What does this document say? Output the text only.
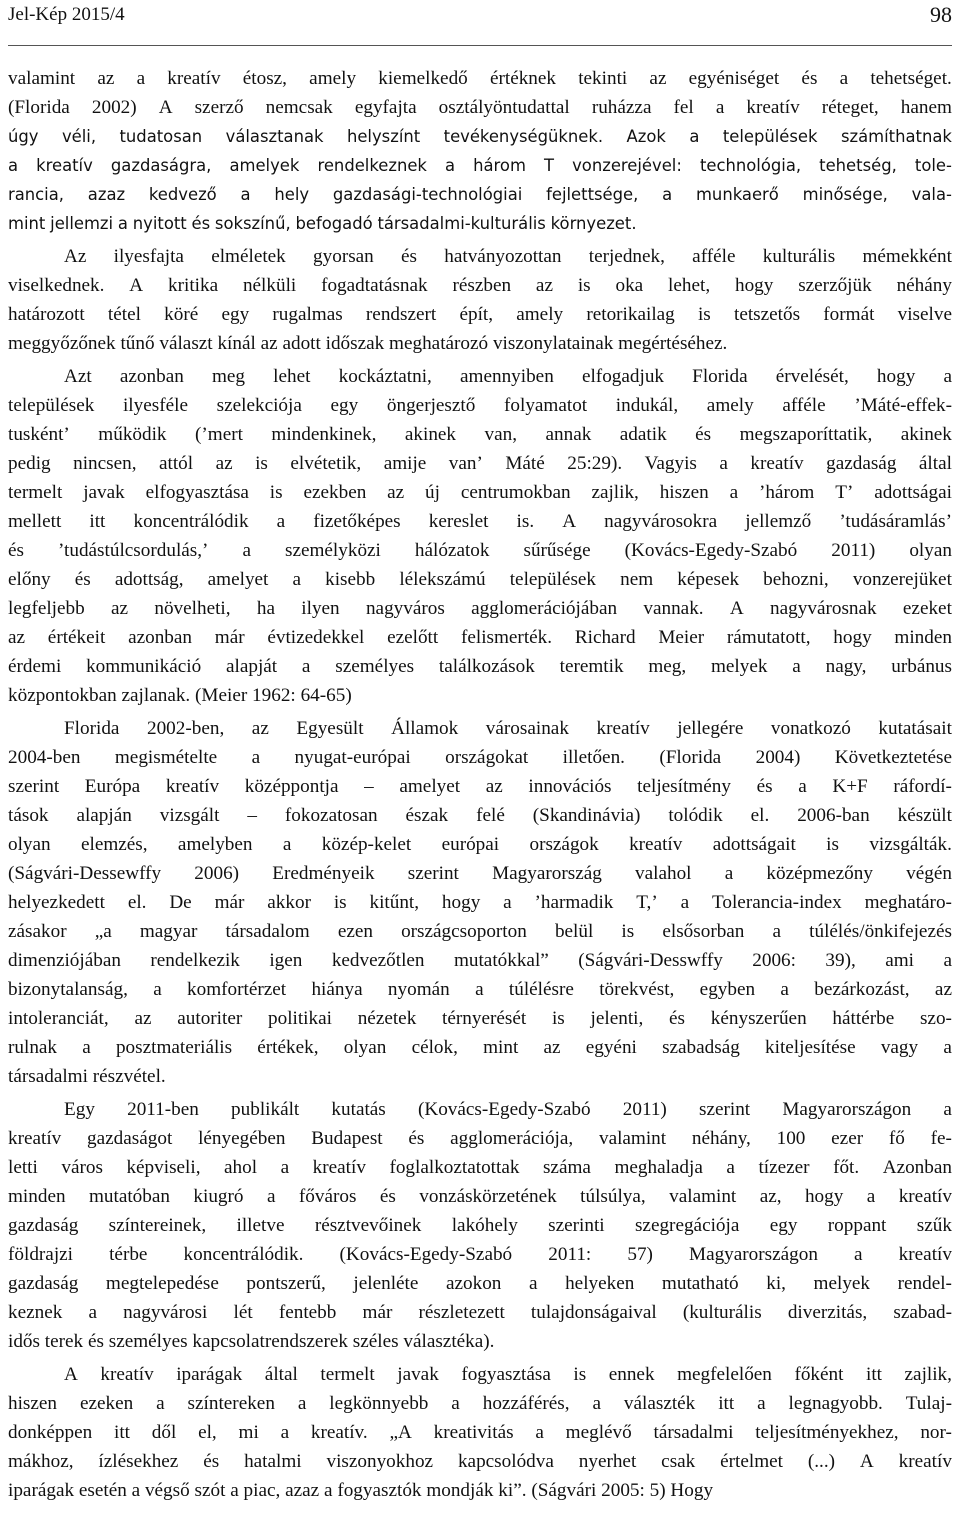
Jel-Kép 2015/4	98
valamint az a kreatív étosz, amely kiemelkedő értéknek tekinti az egyéniséget és a tehetséget.
(Florida 2002) A szerző nemcsak egyfajta osztályöntudattal ruházza fel a kreatív réteget, hanem
úgy véli, tudatosan választanak helyszínt tevékenységüknek. Azok a települések számíthatnak
a kreatív gazdaságra, amelyek rendelkeznek a három T vonzerejével: technológia, tehetség, tole-
rancia, azaz kedvező a hely gazdasági-technológiai fejlettsége, a munkaerő minősége, vala-
mint jellemzi a nyitott és sokszínű, befogadó társadalmi-kulturális környezet.
Az ilyesfajta elméletek gyorsan és hatványozottan terjednek, afféle kulturális mémekként
viselkednek. A kritika nélküli fogadtatásnak részben az is oka lehet, hogy szerzőjük néhány
határozott tétel köré egy rugalmas rendszert épít, amely retorikailag is tetszetős formát viselve
meggyőzőnek tűnő választ kínál az adott időszak meghatározó viszonylatainak megértéséhez.
Azt azonban meg lehet kockáztatni, amennyiben elfogadjuk Florida érvelését, hogy a
települések ilyesféle szelekciója egy öngerjesztő folyamatot indukál, amely afféle ’Máté-effek-
tusként’ működik (’mert mindenkinek, akinek van, annak adatik és megszaporíttatik, akinek
pedig nincsen, attól az is elvétetik, amije van’ Máté 25:29). Vagyis a kreatív gazdaság által
termelt javak elfogyasztása is ezekben az új centrumokban zajlik, hiszen a ’három T’ adottságai
mellett itt koncentrálódik a fizetőképes kereslet is. A nagyvárosokra jellemző ’tudásáramlás’
és ’tudástúlcsordulás,’ a személyközi hálózatok sűrűsége (Kovács-Egedy-Szabó 2011) olyan
előny és adottság, amelyet a kisebb lélekszámú települések nem képesek behozni, vonzerejüket
legfeljebb az növelheti, ha ilyen nagyváros agglomerációjában vannak. A nagyvárosnak ezeket
az értékeit azonban már évtizedekkel ezelőtt felismerték. Richard Meier rámutatott, hogy minden
érdemi kommunikáció alapját a személyes találkozások teremtik meg, melyek a nagy, urbánus
központokban zajlanak. (Meier 1962: 64-65)
Florida 2002-ben, az Egyesült Államok városainak kreatív jellegére vonatkozó kutatásait
2004-ben megismételte a nyugat-európai országokat illetően. (Florida 2004) Következtetése
szerint Európa kreatív középpontja – amelyet az innovációs teljesítmény és a K+F ráfordí-
tások alapján vizsgált – fokozatosan észak felé (Skandinávia) tolódik el. 2006-ban készült
olyan elemzés, amelyben a közép-kelet európai országok kreatív adottságait is vizsgálták.
(Ságvári-Dessewffy 2006) Eredményeik szerint Magyarország valahol a középmezőny végén
helyezkedett el. De már akkor is kitűnt, hogy a ’harmadik T,’ a Tolerancia-index meghatáro-
zásakor „a magyar társadalom ezen országcsoporton belül is elsősorban a túlélés/önkifejezés
dimenziójában rendelkezik igen kedvezőtlen mutatókkal” (Ságvári-Desswffy 2006: 39), ami a
bizonytalanság, a komfortérzet hiánya nyomán a túlélésre törekvést, egyben a bezárkozást, az
intoleranciát, az autoriter politikai nézetek térnyerését is jelenti, és kényszerűen háttérbe szo-
rulnak a posztmateriális értékek, olyan célok, mint az egyéni szabadság kiteljesítése vagy a
társadalmi részvétel.
Egy 2011-ben publikált kutatás (Kovács-Egedy-Szabó 2011) szerint Magyarországon a
kreatív gazdaságot lényegében Budapest és agglomerációja, valamint néhány, 100 ezer fő fe-
letti város képviseli, ahol a kreatív foglalkoztatottak száma meghaladja a tízezer főt. Azonban
minden mutatóban kiugró a főváros és vonzáskörzetének túlsúlya, valamint az, hogy a kreatív
gazdaság színtereinek, illetve résztvevőinek lakóhely szerinti szegregációja egy roppant szűk
földrajzi térbe koncentrálódik. (Kovács-Egedy-Szabó 2011: 57) Magyarországon a kreatív
gazdaság megtelepedése pontszerű, jelenléte azokon a helyeken mutatható ki, melyek rendel-
keznek a nagyvárosi lét fentebb már részletezett tulajdonságaival (kulturális diverzitás, szabad-
idős terek és személyes kapcsolatrendszerek széles választéka).
A kreatív iparágak által termelt javak fogyasztása is ennek megfelelően főként itt zajlik,
hiszen ezeken a színtereken a legkönnyebb a hozzáférés, a választék itt a legnagyobb. Tulaj-
donképpen itt dől el, mi a kreatív. „A kreativitás a meglévő társadalmi teljesítményekhez, nor-
mákhoz, ízlésekhez és hatalmi viszonyokhoz kapcsolódva nyerhet csak értelmet (...) A kreatív
iparágak esetén a végső szót a piac, azaz a fogyasztók mondják ki”. (Ságvári 2005: 5) Hogy
